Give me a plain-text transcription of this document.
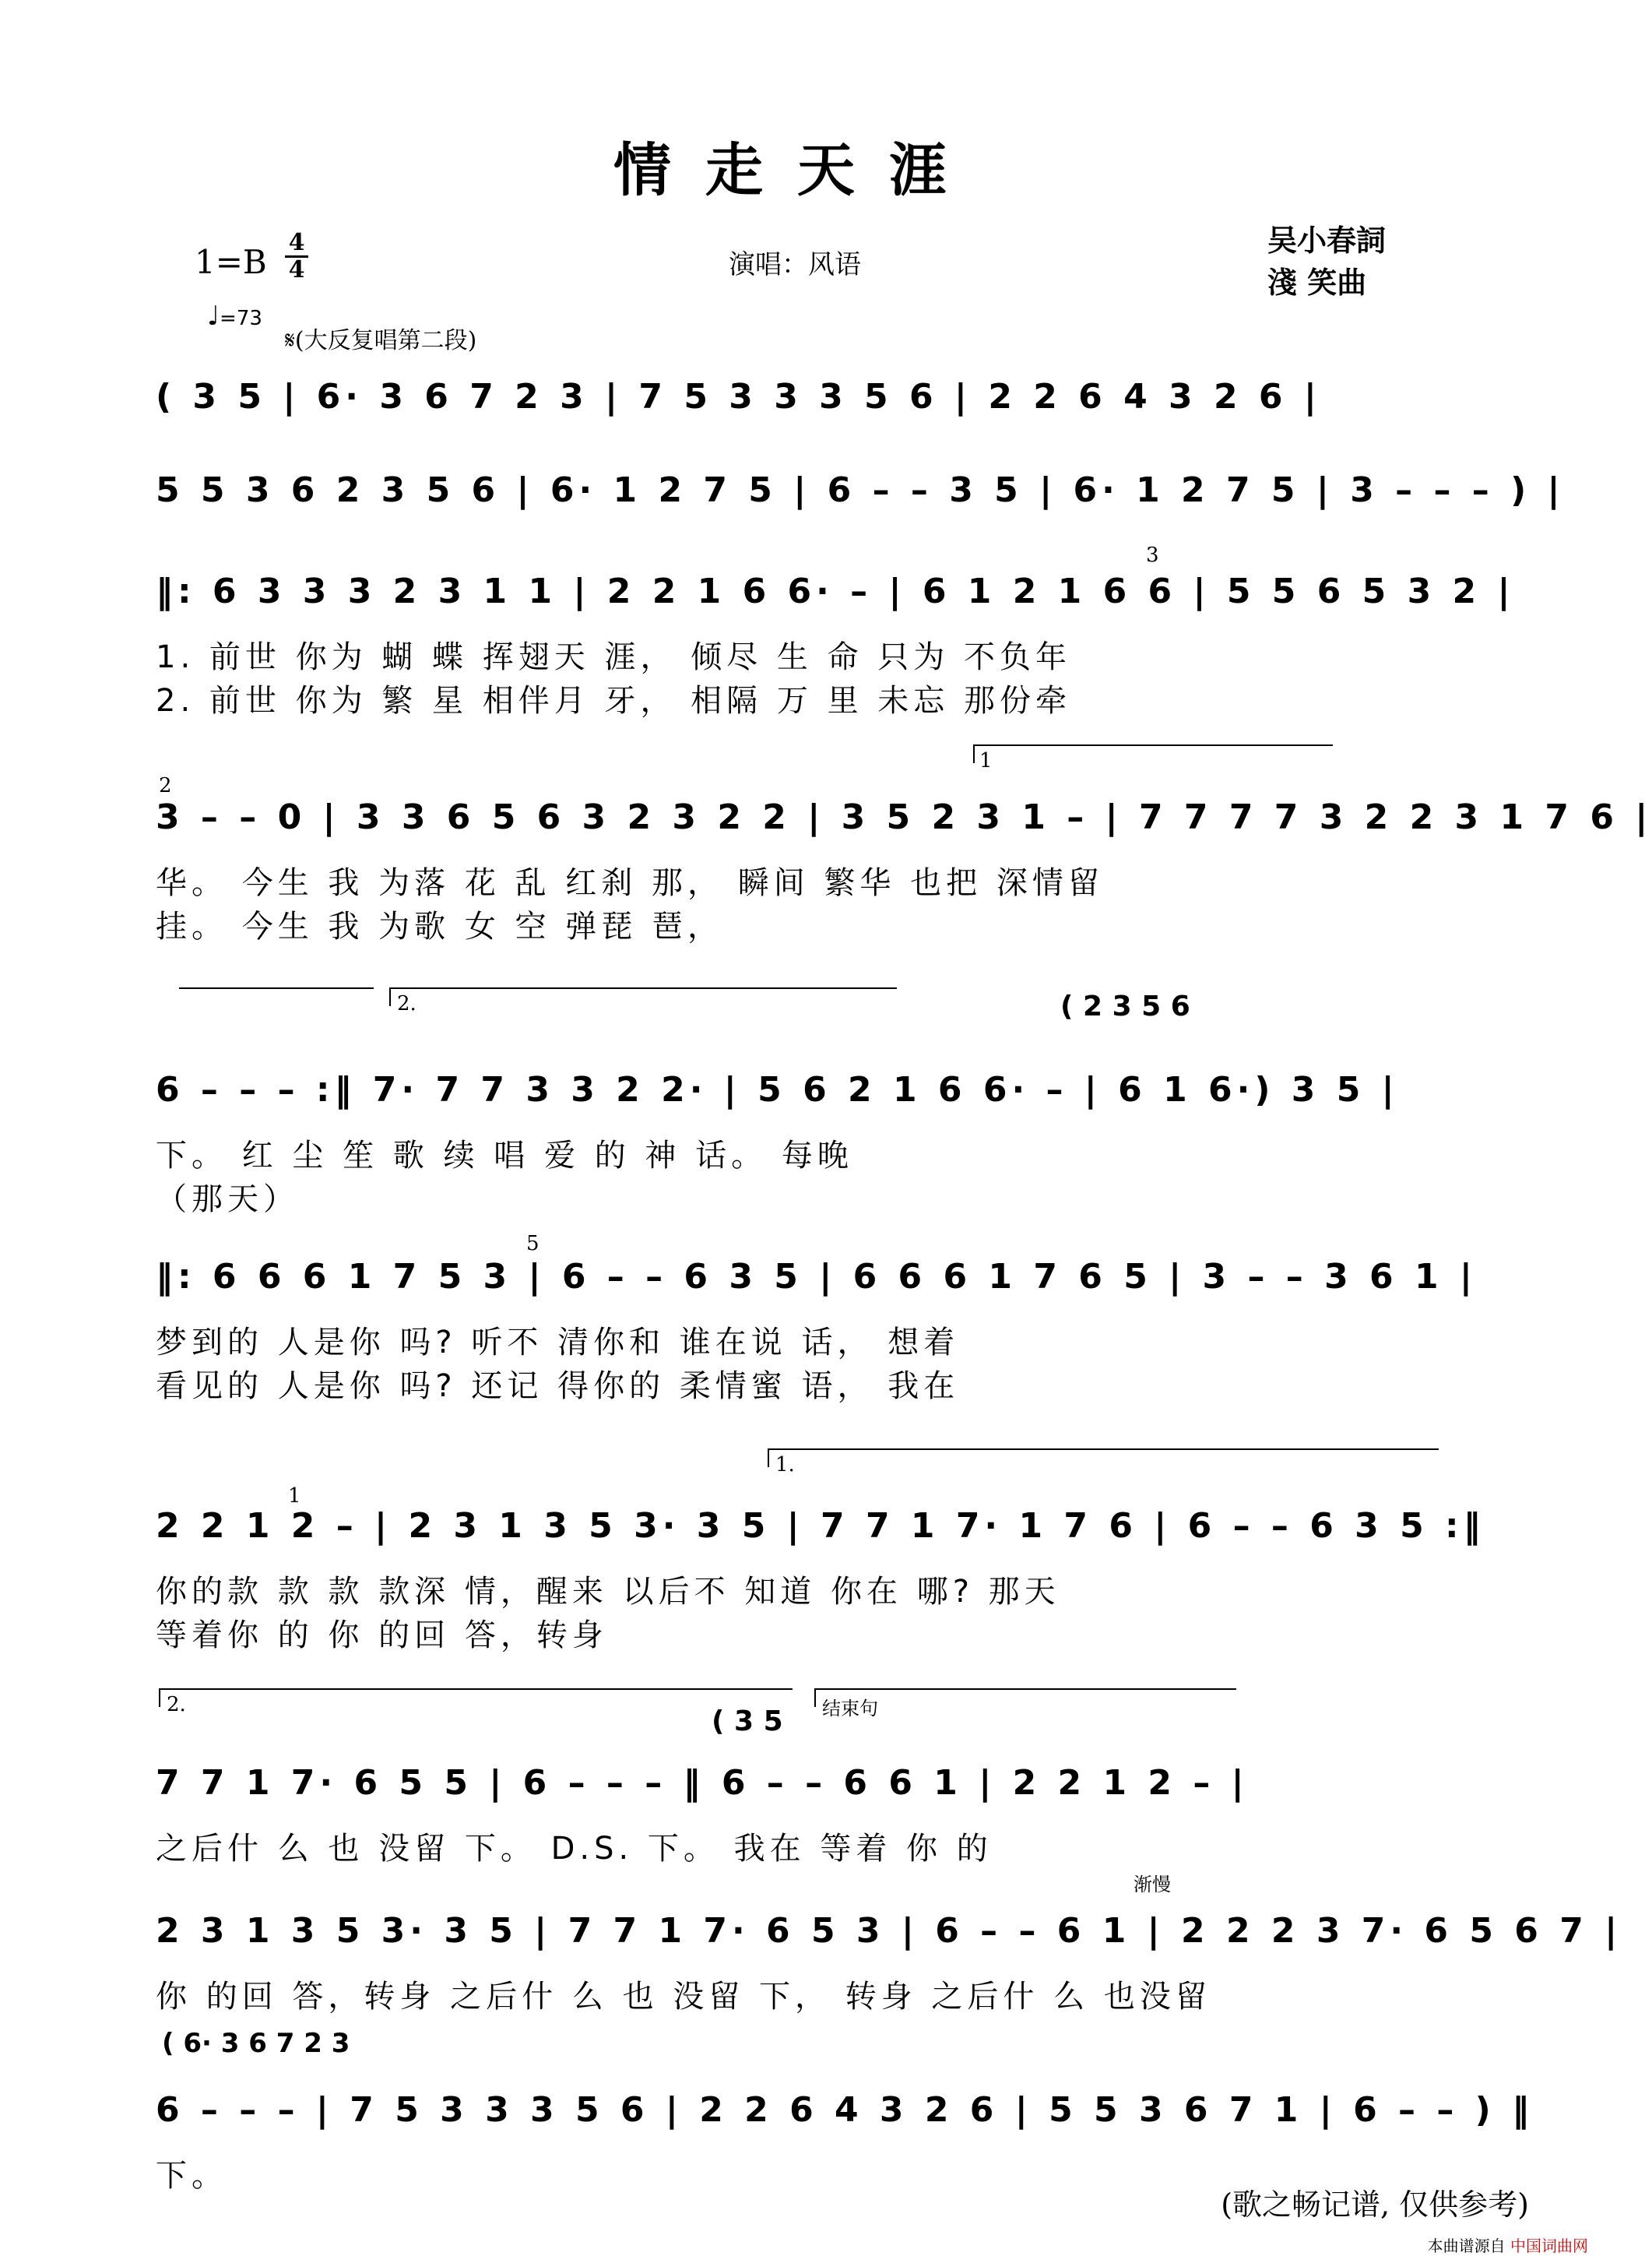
情走天涯
1=B
4
4
♩=73
演唱：风语
吴小春詞
淺 笑曲
𝄋(大反复唱第二段)
( 3 5 | 6· 3 6 7 2 3 | 7 5 3 3 3 5 6 | 2 2 6 4 3 2 6 |
5 5 3 6 2 3 5 6 | 6· 1 2 7 5 | 6 – – 3 5 | 6· 1 2 7 5 | 3 – – – ) |
3
‖: 6 3 3 3 2 3 1 1 | 2 2 1 6 6· – | 6 1 2 1 6 6 | 5 5 6 5 3 2 |
1. 前世 你为 蝴 蝶 挥翅天 涯， 倾尽 生 命 只为 不负年
2. 前世 你为 繁 星 相伴月 牙， 相隔 万 里 未忘 那份牵
1
2
3 – – 0 | 3 3 6 5 6 3 2 3 2 2 | 3 5 2 3 1 – | 7 7 7 7 3 2 2 3 1 7 6 |
华。 今生 我 为落 花 乱 红刹 那， 瞬间 繁华 也把 深情留
挂。 今生 我 为歌 女 空 弹琵 琶，
2.	( 2 3 5 6
6 – – – :‖ 7· 7 7 3 3 2 2· | 5 6 2 1 6 6· – | 6 1 6·) 3 5 |
下。 红 尘 笙 歌 续 唱 爱 的 神 话。 每晚
（那天）
5
‖: 6 6 6 1 7 5 3 | 6 – – 6 3 5 | 6 6 6 1 7 6 5 | 3 – – 3 6 1 |
梦到的 人是你 吗? 听不 清你和 谁在说 话， 想着
看见的 人是你 吗? 还记 得你的 柔情蜜 语， 我在
1.
1
2 2 1 2 – | 2 3 1 3 5 3· 3 5 | 7 7 1 7· 1 7 6 | 6 – – 6 3 5 :‖
你的款 款 款 款深 情，醒来 以后不 知道 你在 哪? 那天
等着你 的 你 的回 答，转身
2.	结束句
( 3 5
7 7 1 7· 6 5 5 | 6 – – – ‖ 6 – – 6 6 1 | 2 2 1 2 – |
之后什 么 也 没留 下。 D.S. 下。 我在 等着 你 的
渐慢
2 3 1 3 5 3· 3 5 | 7 7 1 7· 6 5 3 | 6 – – 6 1 | 2 2 2 3 7· 6 5 6 7 |
你 的回 答，转身 之后什 么 也 没留 下， 转身 之后什 么 也没留
( 6· 3 6 7 2 3
6 – – – | 7 5 3 3 3 5 6 | 2 2 6 4 3 2 6 | 5 5 3 6 7 1 | 6 – – ) ‖
下。
(歌之畅记谱, 仅供参考)
本曲谱源自 中国词曲网
